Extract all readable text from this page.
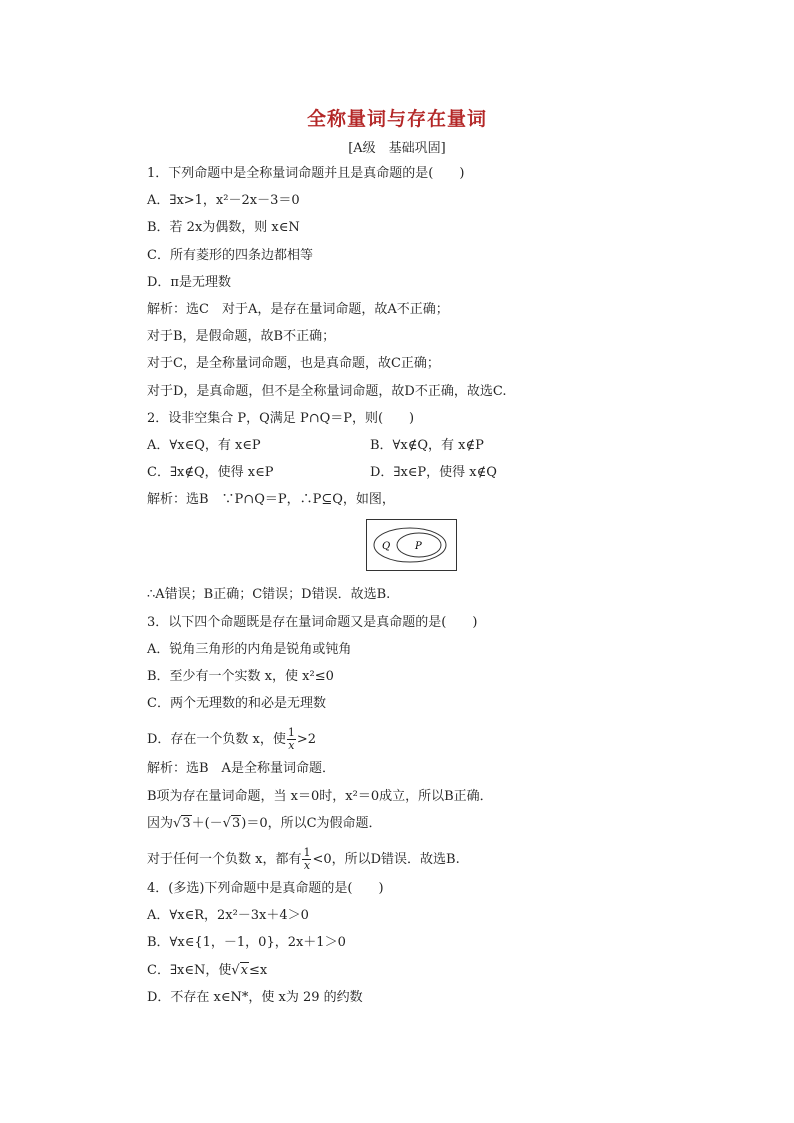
全称量词与存在量词
[A级　基础巩固]
1．下列命题中是全称量词命题并且是真命题的是(　　)
A．∃x>1，x²－2x－3＝0
B．若 2x为偶数，则 x∈N
C．所有菱形的四条边都相等
D．π是无理数
解析：选C　对于A，是存在量词命题，故A不正确；
对于B，是假命题，故B不正确；
对于C，是全称量词命题，也是真命题，故C正确；
对于D，是真命题，但不是全称量词命题，故D不正确，故选C.
2．设非空集合 P，Q满足 P∩Q＝P，则(　　)
A．∀x∈Q，有 x∈P	B．∀x∉Q，有 x∉P
C．∃x∉Q，使得 x∈P	D．∃x∈P，使得 x∉Q
解析：选B　∵P∩Q＝P，∴P⊆Q，如图，
Q P
∴A错误；B正确；C错误；D错误．故选B.
3．以下四个命题既是存在量词命题又是真命题的是(　　)
A．锐角三角形的内角是锐角或钝角
B．至少有一个实数 x，使 x²≤0
C．两个无理数的和必是无理数
D．存在一个负数 x，使 $\frac{1}{x} >2$
解析：选B　A是全称量词命题．
B项为存在量词命题，当 x＝0时，x²＝0成立，所以B正确．
因为√3＋(－√3)＝0，所以C为假命题．
对于任何一个负数 x，都有 $\frac{1}{x} <0$，所以D错误．故选B.
4．(多选)下列命题中是真命题的是(　　)
A．∀x∈R，2x²－3x＋4＞0
B．∀x∈{1，－1，0}，2x＋1＞0
C．∃x∈N，使√x≤x
D．不存在 x∈N*，使 x为 29 的约数
